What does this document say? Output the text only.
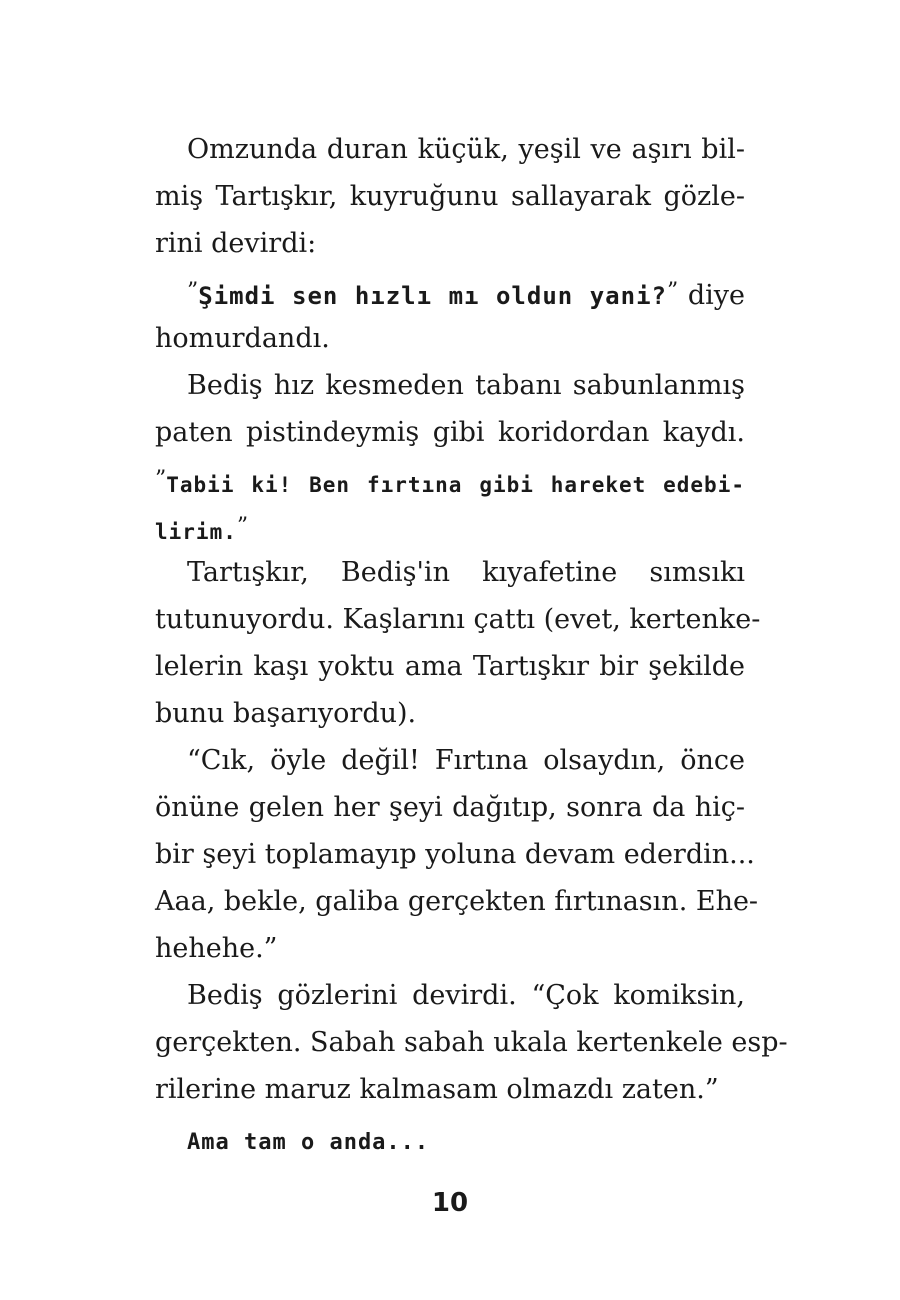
Omzunda duran küçük, yeşil ve aşırı bil-
miş Tartışkır, kuyruğunu sallayarak gözle-
rini devirdi:

”Şimdi sen hızlı mı oldun yani?” diye
homurdandı.

Bediş hız kesmeden tabanı sabunlanmış
paten pistindeymiş gibi koridordan kaydı.
”Tabii ki! Ben fırtına gibi hareket edebi-
lirim.”

Tartışkır, Bediş'in kıyafetine sımsıkı
tutunuyordu. Kaşlarını çattı (evet, kertenke-
lelerin kaşı yoktu ama Tartışkır bir şekilde
bunu başarıyordu).

“Cık, öyle değil! Fırtına olsaydın, önce
önüne gelen her şeyi dağıtıp, sonra da hiç-
bir şeyi toplamayıp yoluna devam ederdin...
Aaa, bekle, galiba gerçekten fırtınasın. Ehe-
hehehe.”

Bediş gözlerini devirdi. “Çok komiksin,
gerçekten. Sabah sabah ukala kertenkele esp-
rilerine maruz kalmasam olmazdı zaten.”

Ama tam o anda...

10
